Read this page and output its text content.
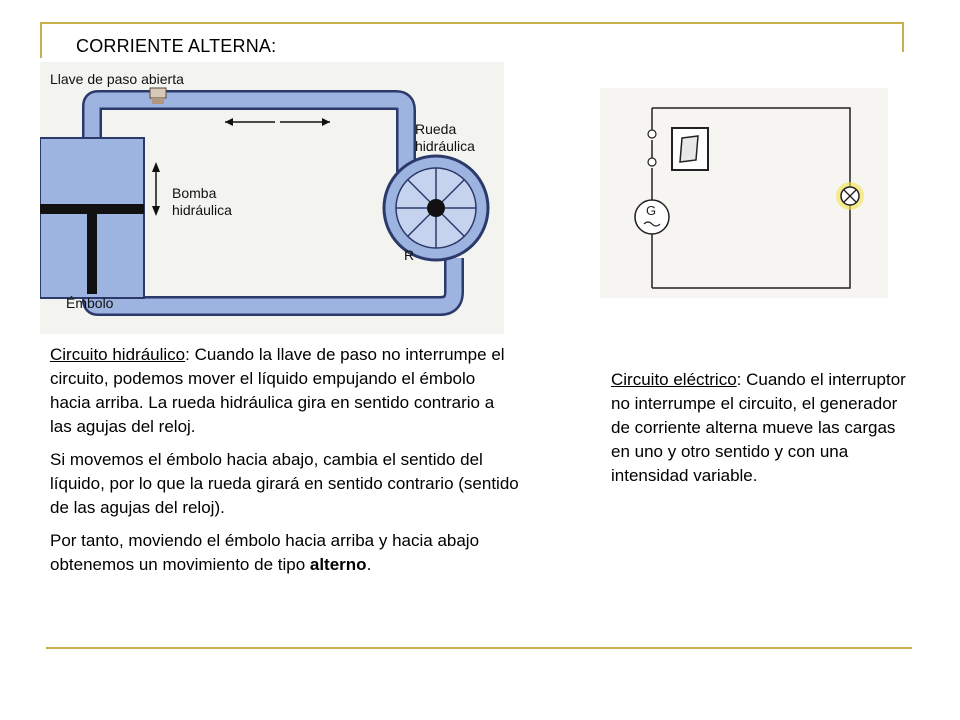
CORRIENTE ALTERNA:
Llave de paso abierta
Rueda
hidráulica
Bomba
hidráulica
Émbolo
R
G

Circuito hidráulico: Cuando la llave de paso no interrumpe el circuito, podemos mover el líquido empujando el émbolo hacia arriba. La rueda hidráulica gira en sentido contrario a las agujas del reloj.

Si movemos el émbolo hacia abajo, cambia el sentido del líquido, por lo que la rueda girará en sentido contrario (sentido de las agujas del reloj).

Por tanto, moviendo el émbolo hacia arriba y hacia abajo obtenemos un movimiento de tipo alterno.

Circuito eléctrico: Cuando el interruptor no interrumpe el circuito, el generador de corriente alterna mueve las cargas en uno y otro sentido y con una intensidad variable.
